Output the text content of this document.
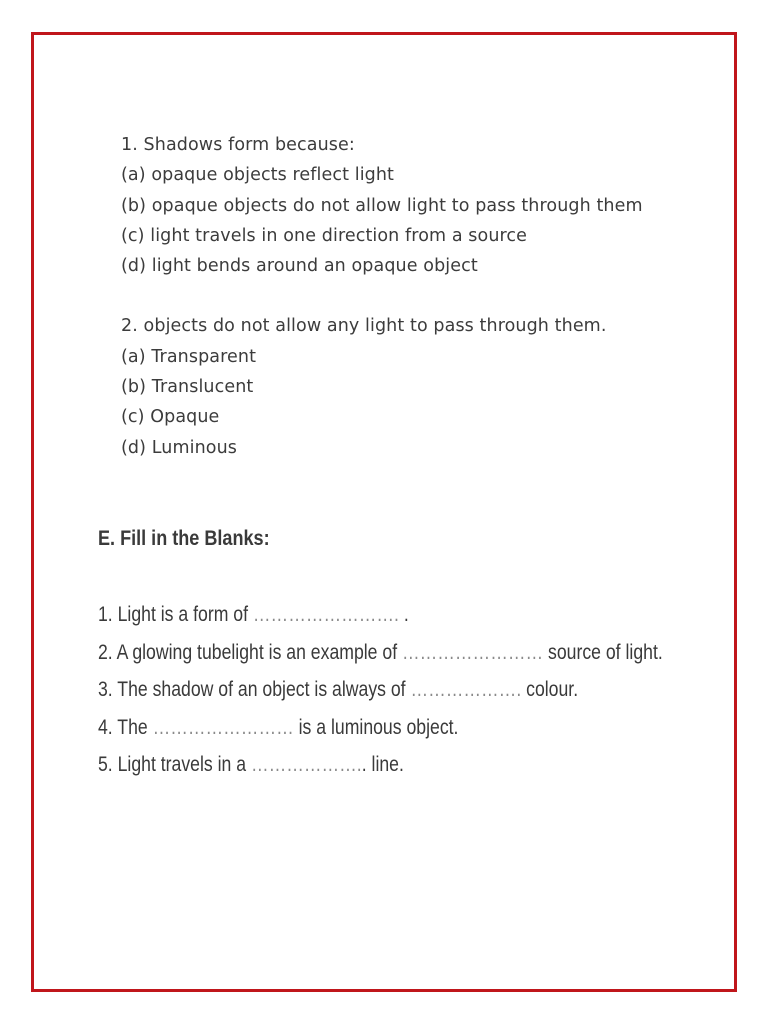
1. Shadows form because:
(a) opaque objects reflect light
(b) opaque objects do not allow light to pass through them
(c) light travels in one direction from a source
(d) light bends around an opaque object
2. objects do not allow any light to pass through them.
(a) Transparent
(b) Translucent
(c) Opaque
(d) Luminous
E. Fill in the Blanks:
1. Light is a form of ……………………. .
2. A glowing tubelight is an example of …………………… source of light.
3. The shadow of an object is always of ………………. colour.
4. The …………………… is a luminous object.
5. Light travels in a ……………….. line.
